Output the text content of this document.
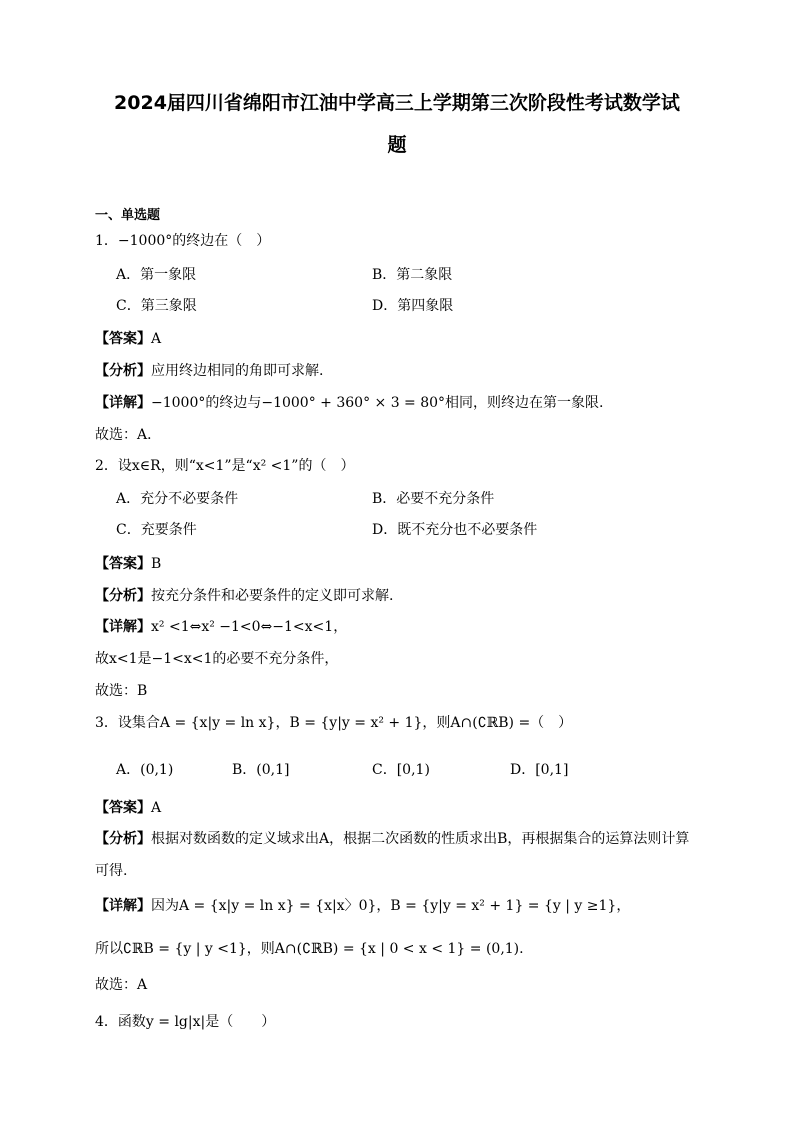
2024届四川省绵阳市江油中学高三上学期第三次阶段性考试数学试
题
一、单选题
1．−1000°的终边在（　）
A．第一象限	B．第二象限
C．第三象限	D．第四象限
【答案】A
【分析】应用终边相同的角即可求解.
【详解】−1000°的终边与−1000° + 360° × 3 = 80°相同，则终边在第一象限.
故选：A．
2．设x∈R，则“x<1”是“x² <1”的（　）
A．充分不必要条件	B．必要不充分条件
C．充要条件	D．既不充分也不必要条件
【答案】B
【分析】按充分条件和必要条件的定义即可求解.
【详解】x² <1⇔x² −1<0⇔−1<x<1，
故x<1是−1<x<1的必要不充分条件，
故选：B
3．设集合A = {x|y = ln x}，B = {y|y = x² + 1}，则A∩(∁ℝB) =（　）
A．(0,1)	B．(0,1]	C．[0,1)	D．[0,1]
【答案】A
【分析】根据对数函数的定义域求出A，根据二次函数的性质求出B，再根据集合的运算法则计算
可得.
【详解】因为A = {x|y = ln x} = {x|x〉0}，B = {y|y = x² + 1} = {y | y ≥1}，
所以∁ℝB = {y | y <1}，则A∩(∁ℝB) = {x | 0 < x < 1} = (0,1).
故选：A
4．函数y = lg|x|是（　　）
